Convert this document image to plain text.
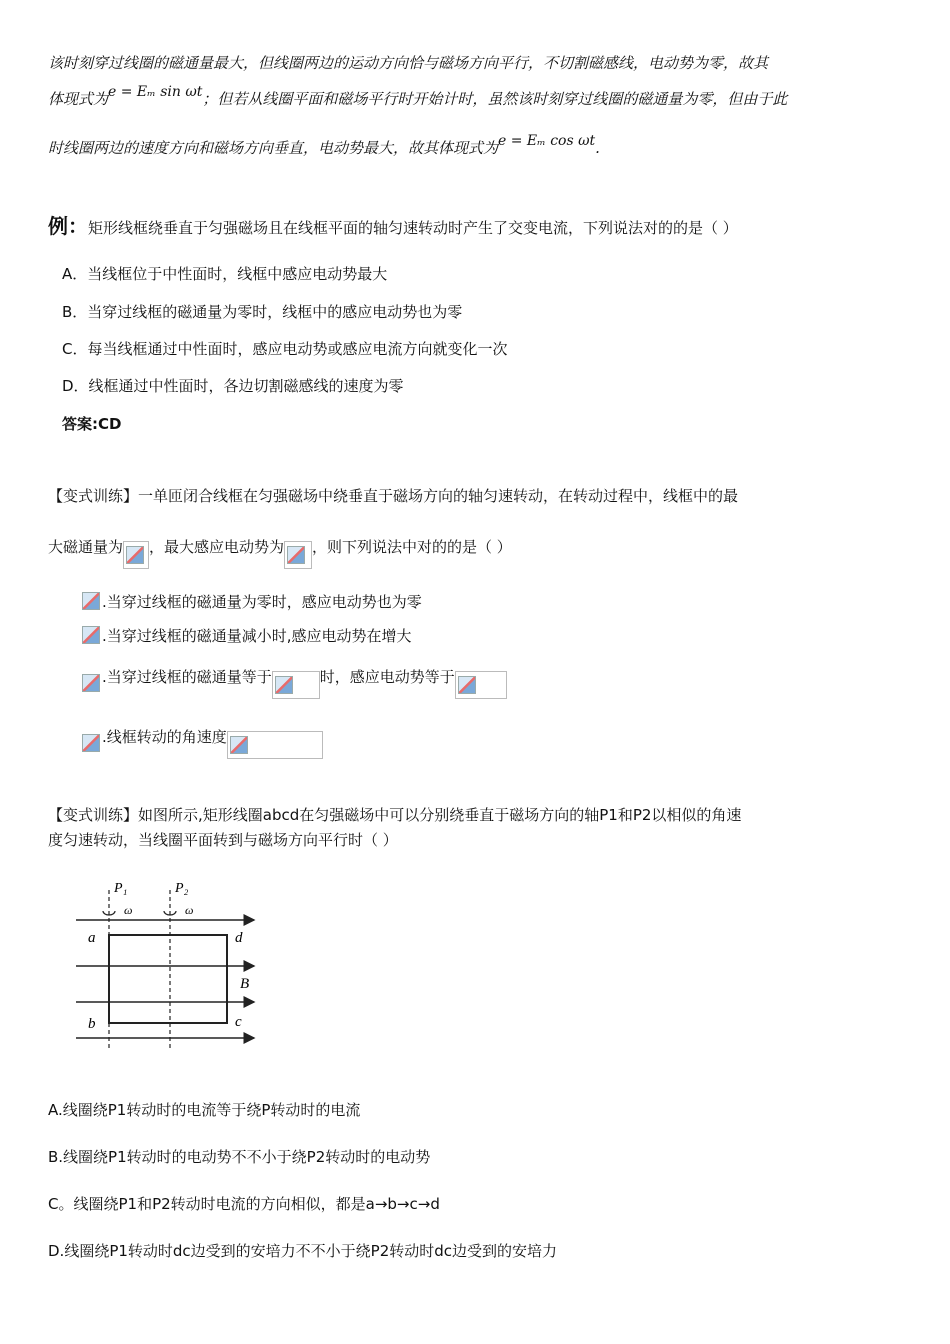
该时刻穿过线圈的磁通量最大，但线圈两边的运动方向恰与磁场方向平行，不切割磁感线，电动势为零，故其
体现式为e = Eₘ sin ωt；但若从线圈平面和磁场平行时开始计时，虽然该时刻穿过线圈的磁通量为零，但由于此
时线圈两边的速度方向和磁场方向垂直，电动势最大，故其体现式为e = Eₘ cos ωt.
例：矩形线框绕垂直于匀强磁场且在线框平面的轴匀速转动时产生了交变电流，下列说法对的的是（ ）
A．当线框位于中性面时，线框中感应电动势最大
B．当穿过线框的磁通量为零时，线框中的感应电动势也为零
C．每当线框通过中性面时，感应电动势或感应电流方向就变化一次
D．线框通过中性面时，各边切割磁感线的速度为零
答案:CD
【变式训练】一单匝闭合线框在匀强磁场中绕垂直于磁场方向的轴匀速转动，在转动过程中，线框中的最
大磁通量为 ，最大感应电动势为 ，则下列说法中对的的是（ ）
.当穿过线框的磁通量为零时，感应电动势也为零
.当穿过线框的磁通量减小时,感应电动势在增大
.当穿过线框的磁通量等于	时，感应电动势等于
.线框转动的角速度
【变式训练】如图所示,矩形线圈abcd在匀强磁场中可以分别绕垂直于磁场方向的轴P1和P2以相似的角速
度匀速转动，当线圈平面转到与磁场方向平行时（ ）
P₁	P₂
ω	ω
a
b	c
d
B
A.线圈绕P1转动时的电流等于绕P转动时的电流
B.线圈绕P1转动时的电动势不不小于绕P2转动时的电动势
C。线圈绕P1和P2转动时电流的方向相似，都是a→b→c→d
D.线圈绕P1转动时dc边受到的安培力不不小于绕P2转动时dc边受到的安培力
